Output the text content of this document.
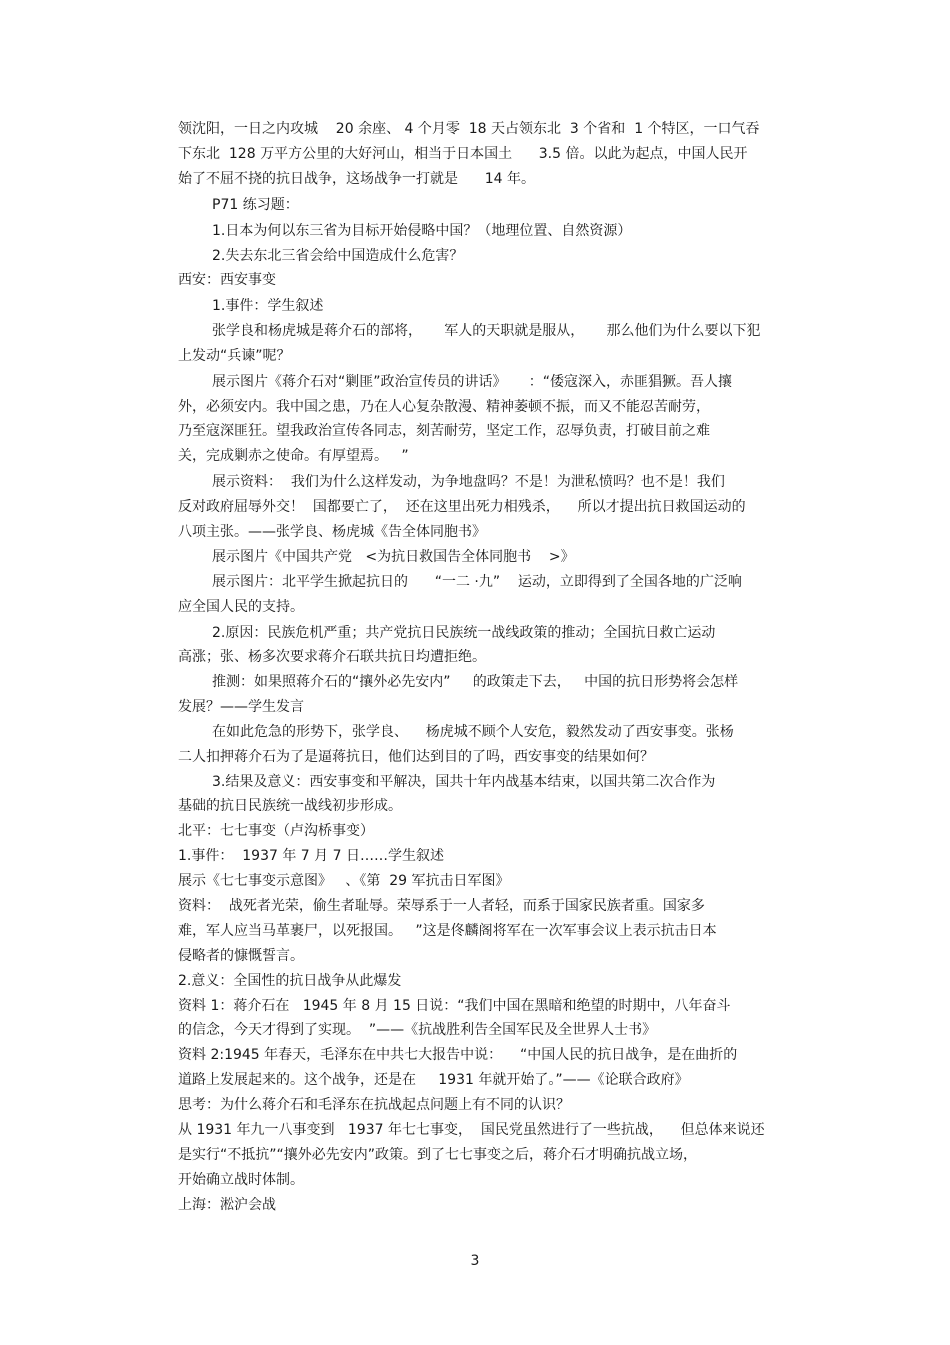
领沈阳，一日之内攻城    20 余座、 4 个月零  18 天占领东北  3 个省和  1 个特区，一口气吞
下东北  128 万平方公里的大好河山，相当于日本国土      3.5 倍。以此为起点，中国人民开
始了不屈不挠的抗日战争，这场战争一打就是      14 年。
P71 练习题：
1.日本为何以东三省为目标开始侵略中国？（地理位置、自然资源）
2.失去东北三省会给中国造成什么危害？
西安：西安事变
1.事件：学生叙述
张学良和杨虎城是蒋介石的部将，     军人的天职就是服从，     那么他们为什么要以下犯
上发动“兵谏”呢？
展示图片《蒋介石对“剿匪”政治宣传员的讲话》     ：“倭寇深入，赤匪猖獗。吾人攘
外，必须安内。我中国之患，乃在人心复杂散漫、精神萎顿不振，而又不能忍苦耐劳，
乃至寇深匪狂。望我政治宣传各同志，刻苦耐劳，坚定工作，忍辱负责，打破目前之难
关，完成剿赤之使命。有厚望焉。   ”
展示资料：  我们为什么这样发动，为争地盘吗？不是！为泄私愤吗？也不是！我们
反对政府屈辱外交！  国都要亡了，  还在这里出死力相残杀，    所以才提出抗日救国运动的
八项主张。——张学良、杨虎城《告全体同胞书》
展示图片《中国共产党   <为抗日救国告全体同胞书    >》
展示图片：北平学生掀起抗日的      “一二 ·九”    运动，立即得到了全国各地的广泛响
应全国人民的支持。
2.原因：民族危机严重；共产党抗日民族统一战线政策的推动；全国抗日救亡运动
高涨；张、杨多次要求蒋介石联共抗日均遭拒绝。
推测：如果照蒋介石的“攘外必先安内”     的政策走下去，   中国的抗日形势将会怎样
发展？——学生发言
在如此危急的形势下，张学良、    杨虎城不顾个人安危，毅然发动了西安事变。张杨
二人扣押蒋介石为了是逼蒋抗日，他们达到目的了吗，西安事变的结果如何？
3.结果及意义：西安事变和平解决，国共十年内战基本结束，以国共第二次合作为
基础的抗日民族统一战线初步形成。
北平：七七事变（卢沟桥事变）
1.事件：  1937 年 7 月 7 日……学生叙述
展示《七七事变示意图》   、《第  29 军抗击日军图》
资料：  战死者光荣，偷生者耻辱。荣辱系于一人者轻，而系于国家民族者重。国家多
难，军人应当马革裹尸，以死报国。   ”这是佟麟阁将军在一次军事会议上表示抗击日本
侵略者的慷慨誓言。
2.意义：全国性的抗日战争从此爆发
资料 1：蒋介石在   1945 年 8 月 15 日说：“我们中国在黑暗和绝望的时期中，八年奋斗
的信念，今天才得到了实现。  ”——《抗战胜利告全国军民及全世界人士书》
资料 2:1945 年春天，毛泽东在中共七大报告中说：    “中国人民的抗日战争，是在曲折的
道路上发展起来的。这个战争，还是在     1931 年就开始了。”——《论联合政府》
思考：为什么蒋介石和毛泽东在抗战起点问题上有不同的认识？
从 1931 年九一八事变到   1937 年七七事变，  国民党虽然进行了一些抗战，    但总体来说还
是实行“不抵抗”“攘外必先安内”政策。到了七七事变之后，蒋介石才明确抗战立场，
开始确立战时体制。
上海：淞沪会战
3
